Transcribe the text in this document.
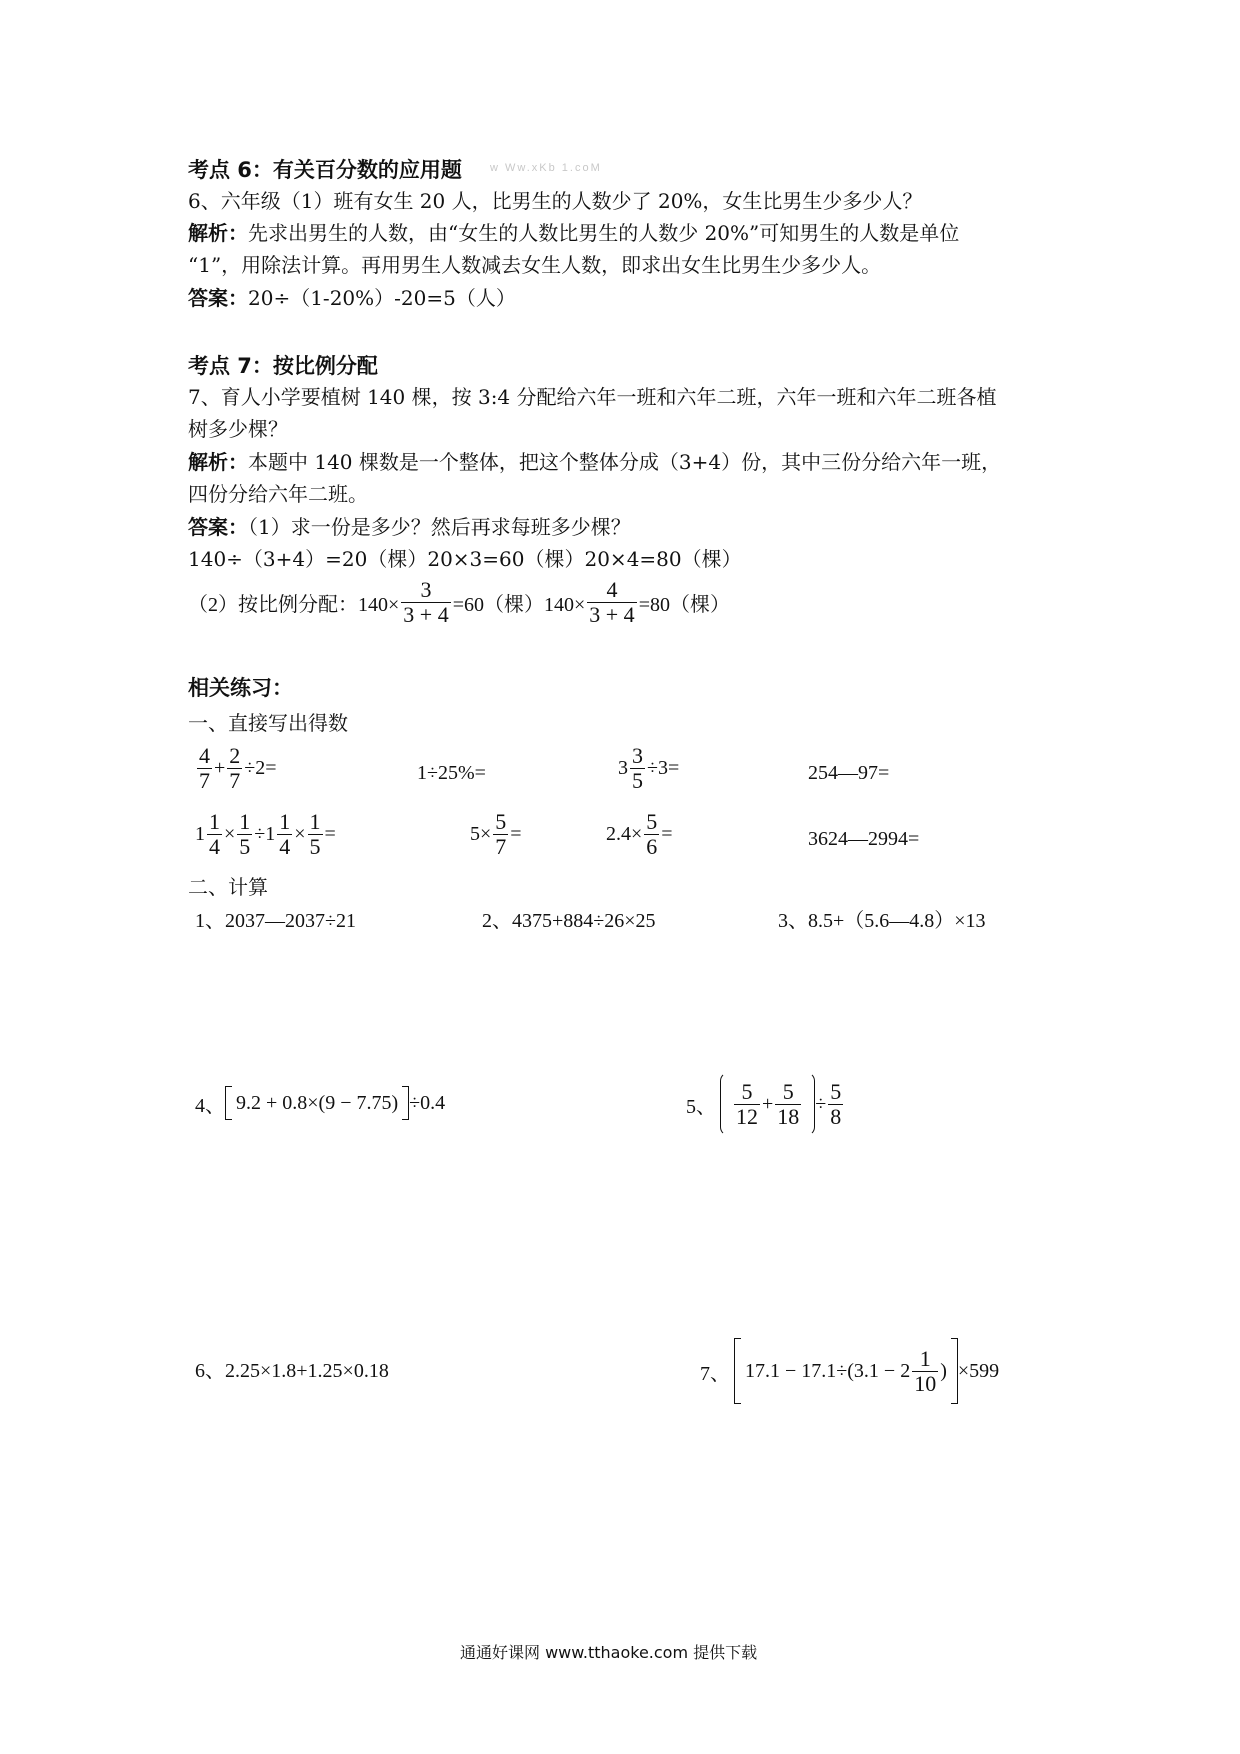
考点 6：有关百分数的应用题	w Ww.xKb 1.coM
6、六年级（1）班有女生 20 人，比男生的人数少了 20%，女生比男生少多少人？
解析：先求出男生的人数，由“女生的人数比男生的人数少 20%”可知男生的人数是单位
“1”，用除法计算。再用男生人数减去女生人数，即求出女生比男生少多少人。
答案：20÷（1-20%）-20=5（人）
考点 7：按比例分配
7、育人小学要植树 140 棵，按 3:4 分配给六年一班和六年二班，六年一班和六年二班各植
树多少棵？
解析：本题中 140 棵数是一个整体，把这个整体分成（3+4）份，其中三份分给六年一班，
四份分给六年二班。
答案：（1）求一份是多少？然后再求每班多少棵？
140÷（3+4）=20（棵）20×3=60（棵）20×4=80（棵）
（2）按比例分配：$140\times \frac{3}{3 + 4} =60$（棵）$140\times \frac{4}{3 + 4} =80$（棵）
相关练习：
一、直接写出得数
$\frac{4}{7} + \frac{2}{7} \div 2=$	1÷25%=	$3 \frac{3}{5} \div 3=$	254—97=
$1 \frac{1}{4} \times \frac{1}{5} \div 1 \frac{1}{4} \times \frac{1}{5}$ =	$5\times \frac{5}{7}$ =	$2.4\times \frac{5}{6}$ =	3624—2994=
二、计算
1、2037—2037÷21	2、4375+884÷26×25	3、8.5+（5.6—4.8）×13
4、 9.2 + 0.8×(9 − 7.75) ÷0.4	5、 $\frac{5}{12} + \frac{5}{18} \div \frac{5}{8}$
6、2.25×1.8+1.25×0.18	7、 $17.1 - 17.1\div(3.1 - 2 \frac{1}{10}$ ) ×599
通通好课网 www.tthaoke.com 提供下载
